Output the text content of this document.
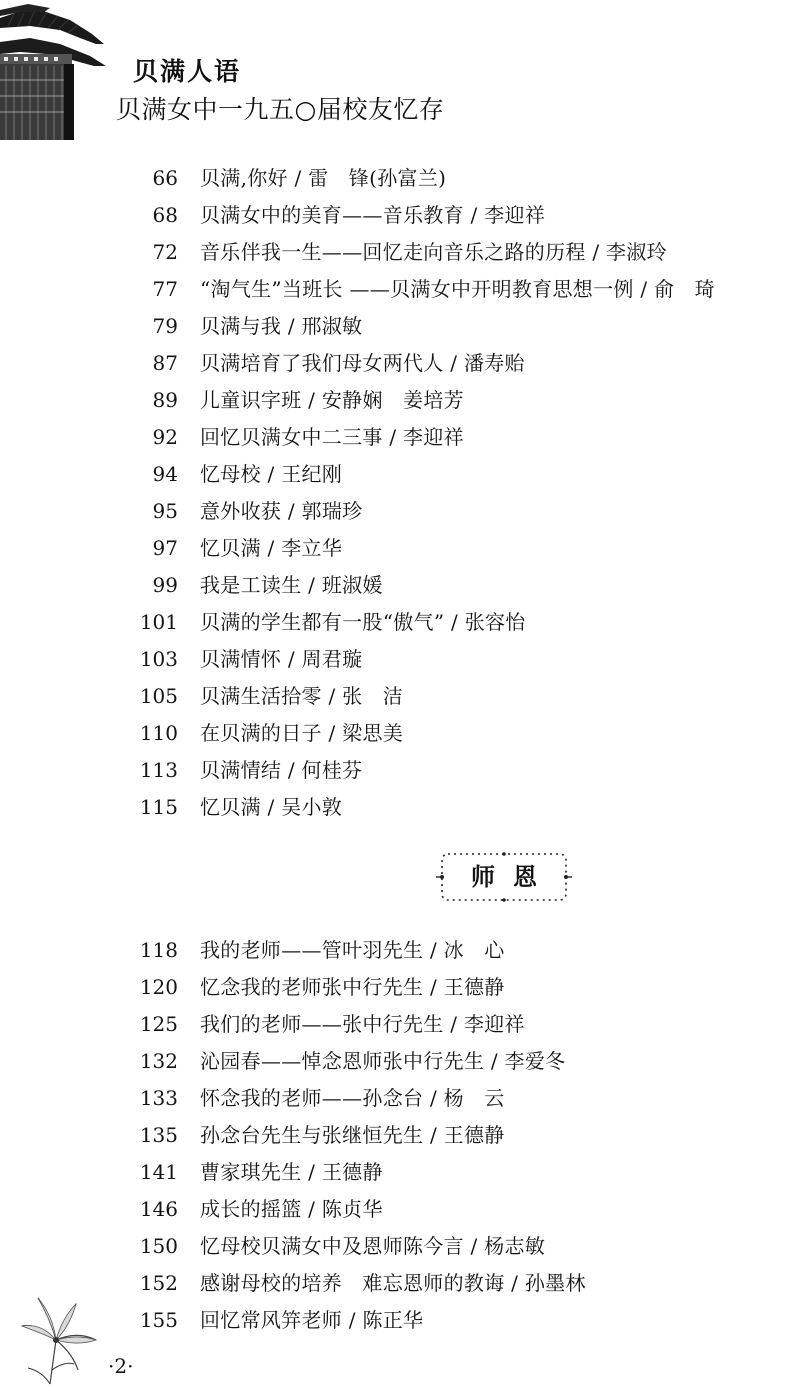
贝满人语
贝满女中一九五○届校友忆存
66 贝满,你好 / 雷　锋(孙富兰)
68 贝满女中的美育——音乐教育 / 李迎祥
72 音乐伴我一生——回忆走向音乐之路的历程 / 李淑玲
77 “淘气生”当班长 ——贝满女中开明教育思想一例 / 俞　琦
79 贝满与我 / 邢淑敏
87 贝满培育了我们母女两代人 / 潘寿贻
89 儿童识字班 / 安静娴　姜培芳
92 回忆贝满女中二三事 / 李迎祥
94 忆母校 / 王纪刚
95 意外收获 / 郭瑞珍
97 忆贝满 / 李立华
99 我是工读生 / 班淑媛
101 贝满的学生都有一股“傲气” / 张容怡
103 贝满情怀 / 周君璇
105 贝满生活拾零 / 张　洁
110 在贝满的日子 / 梁思美
113 贝满情结 / 何桂芬
115 忆贝满 / 吴小敦
师恩
118 我的老师——管叶羽先生 / 冰　心
120 忆念我的老师张中行先生 / 王德静
125 我们的老师——张中行先生 / 李迎祥
132 沁园春——悼念恩师张中行先生 / 李爱冬
133 怀念我的老师——孙念台 / 杨　云
135 孙念台先生与张继恒先生 / 王德静
141 曹家琪先生 / 王德静
146 成长的摇篮 / 陈贞华
150 忆母校贝满女中及恩师陈今言 / 杨志敏
152 感谢母校的培养　难忘恩师的教诲 / 孙墨林
155 回忆常风笄老师 / 陈正华
·2·
